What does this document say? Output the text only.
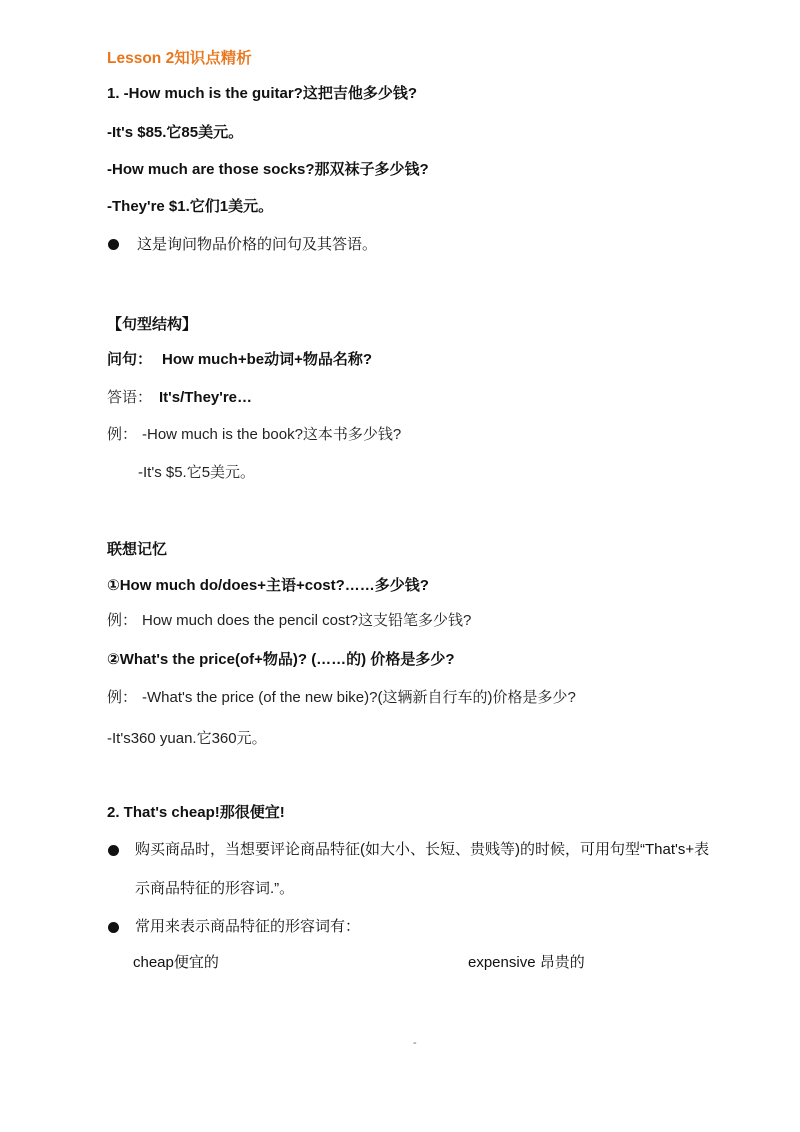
Lesson 2知识点精析
1. -How much is the guitar?这把吉他多少钱?
-It's $85.它85美元。
-How much are those socks?那双袜子多少钱?
-They're $1.它们1美元。
这是询问物品价格的问句及其答语。
【句型结构】
问句： How much+be动词+物品名称?
答语： It's/They're…
例： -How much is the book?这本书多少钱?
-It's $5.它5美元。
联想记忆
①How much do/does+主语+cost?……多少钱?
例： How much does the pencil cost?这支铅笔多少钱?
②What's the price(of+物品)? (……的) 价格是多少?
例： -What's the price (of the new bike)?(这辆新自行车的)价格是多少?
-It's360 yuan.它360元。
2. That's cheap!那很便宜!
购买商品时，当想要评论商品特征(如大小、长短、贵贱等)的时候，可用句型“That's+表
示商品特征的形容词.”。
常用来表示商品特征的形容词有：
cheap便宜的	expensive 昂贵的
-
